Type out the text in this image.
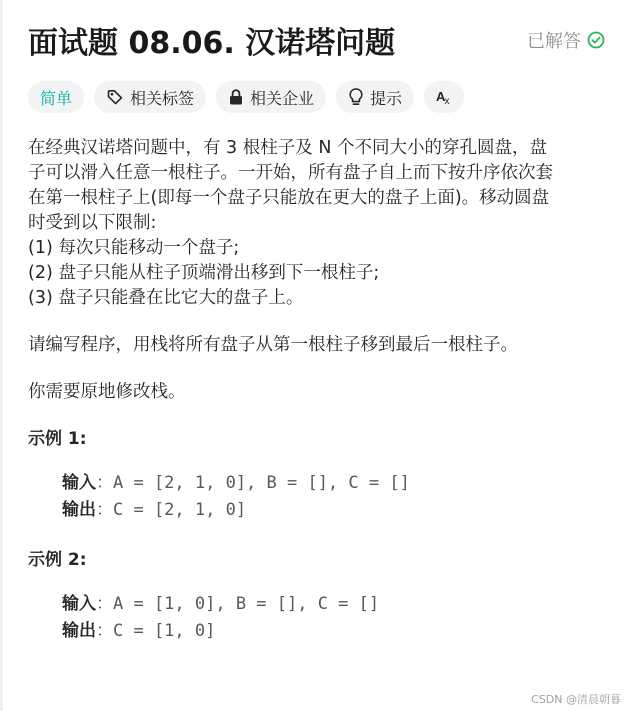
面试题 08.06. 汉诺塔问题	已解答
简单	相关标签	相关企业	提示	A x

在经典汉诺塔问题中，有 3 根柱子及 N 个不同大小的穿孔圆盘，盘

子可以滑入任意一根柱子。一开始，所有盘子自上而下按升序依次套

在第一根柱子上(即每一个盘子只能放在更大的盘子上面)。移动圆盘

时受到以下限制:

(1) 每次只能移动一个盘子;

(2) 盘子只能从柱子顶端滑出移到下一根柱子;

(3) 盘子只能叠在比它大的盘子上。

请编写程序，用栈将所有盘子从第一根柱子移到最后一根柱子。

你需要原地修改栈。

示例 1:

输入：A = [2, 1, 0], B = [], C = []
输出：C = [2, 1, 0]

示例 2:

输入：A = [1, 0], B = [], C = []
输出：C = [1, 0]
CSDN @清晨朝暮
